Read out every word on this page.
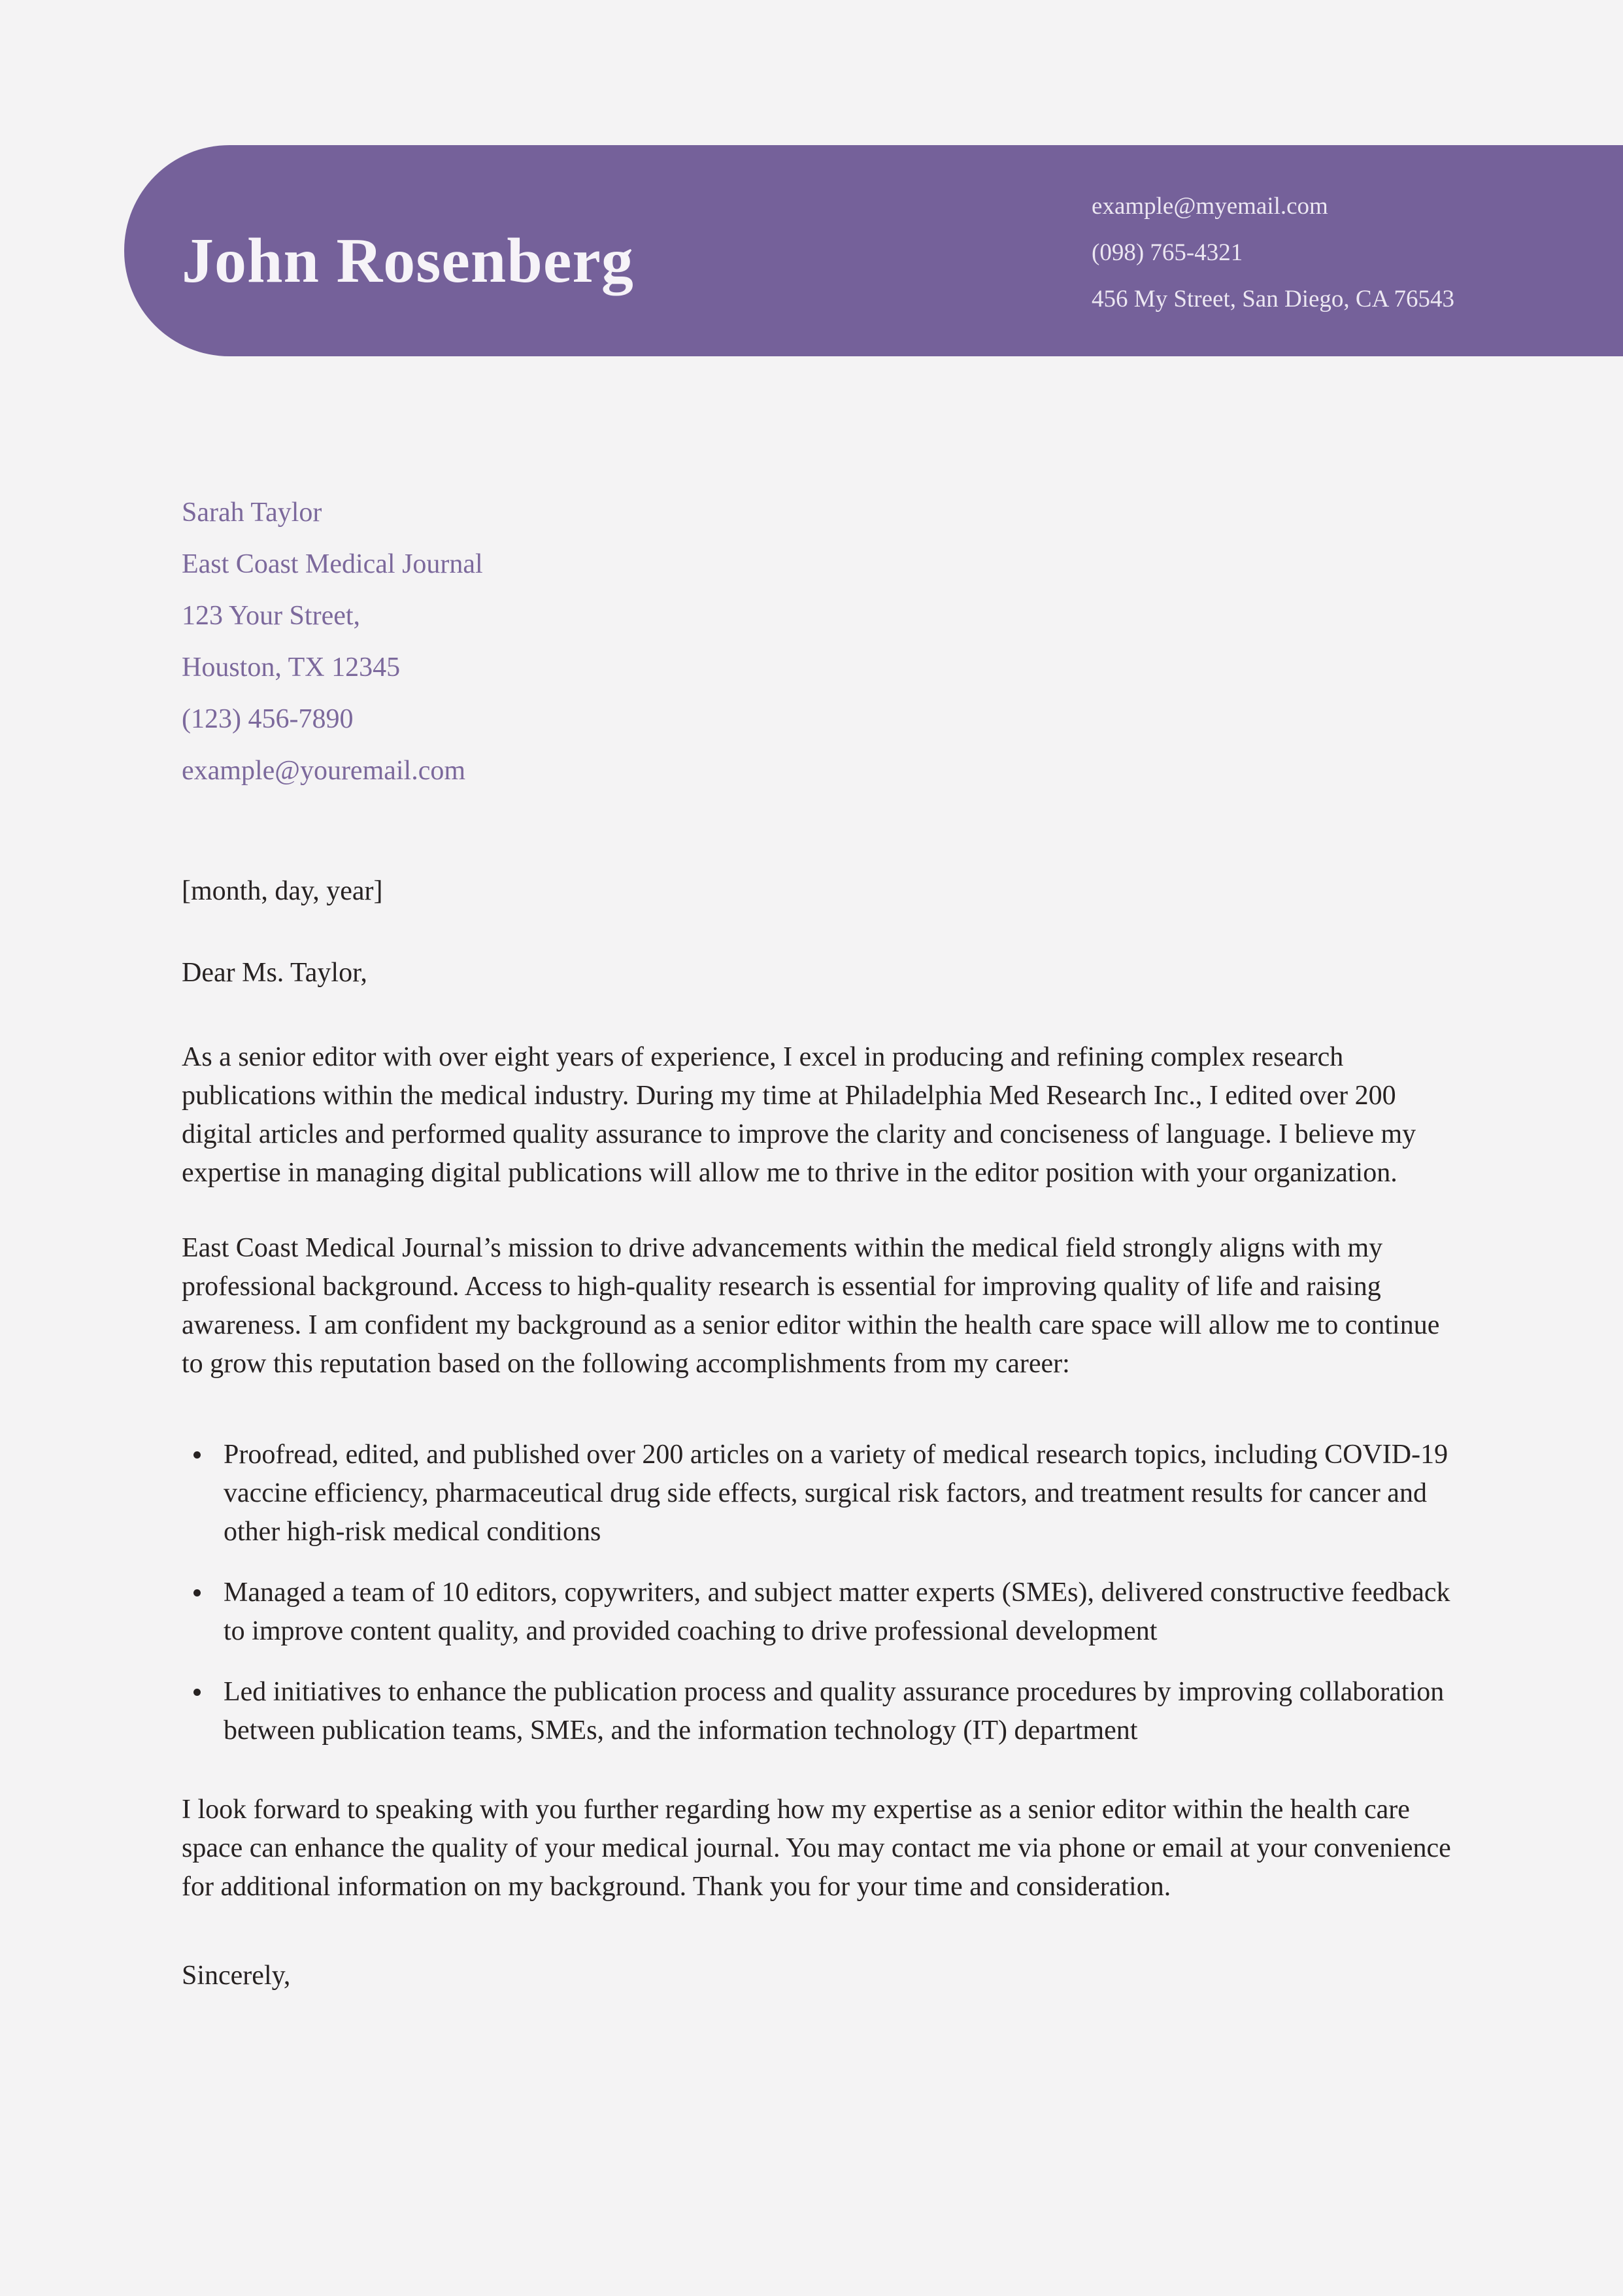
John Rosenberg
example@myemail.com
(098) 765-4321
456 My Street, San Diego, CA 76543
Sarah Taylor
East Coast Medical Journal
123 Your Street,
Houston, TX 12345
(123) 456-7890
example@youremail.com

[month, day, year]

Dear Ms. Taylor,

As a senior editor with over eight years of experience, I excel in producing and refining complex research publications within the medical industry. During my time at Philadelphia Med Research Inc., I edited over 200 digital articles and performed quality assurance to improve the clarity and conciseness of language. I believe my expertise in managing digital publications will allow me to thrive in the editor position with your organization.

East Coast Medical Journal’s mission to drive advancements within the medical field strongly aligns with my professional background. Access to high-quality research is essential for improving quality of life and raising awareness. I am confident my background as a senior editor within the health care space will allow me to continue to grow this reputation based on the following accomplishments from my career:

Proofread, edited, and published over 200 articles on a variety of medical research topics, including COVID-19 vaccine efficiency, pharmaceutical drug side effects, surgical risk factors, and treatment results for cancer and other high-risk medical conditions
Managed a team of 10 editors, copywriters, and subject matter experts (SMEs), delivered constructive feedback to improve content quality, and provided coaching to drive professional development
Led initiatives to enhance the publication process and quality assurance procedures by improving collaboration between publication teams, SMEs, and the information technology (IT) department

I look forward to speaking with you further regarding how my expertise as a senior editor within the health care space can enhance the quality of your medical journal. You may contact me via phone or email at your convenience for additional information on my background. Thank you for your time and consideration.

Sincerely,
